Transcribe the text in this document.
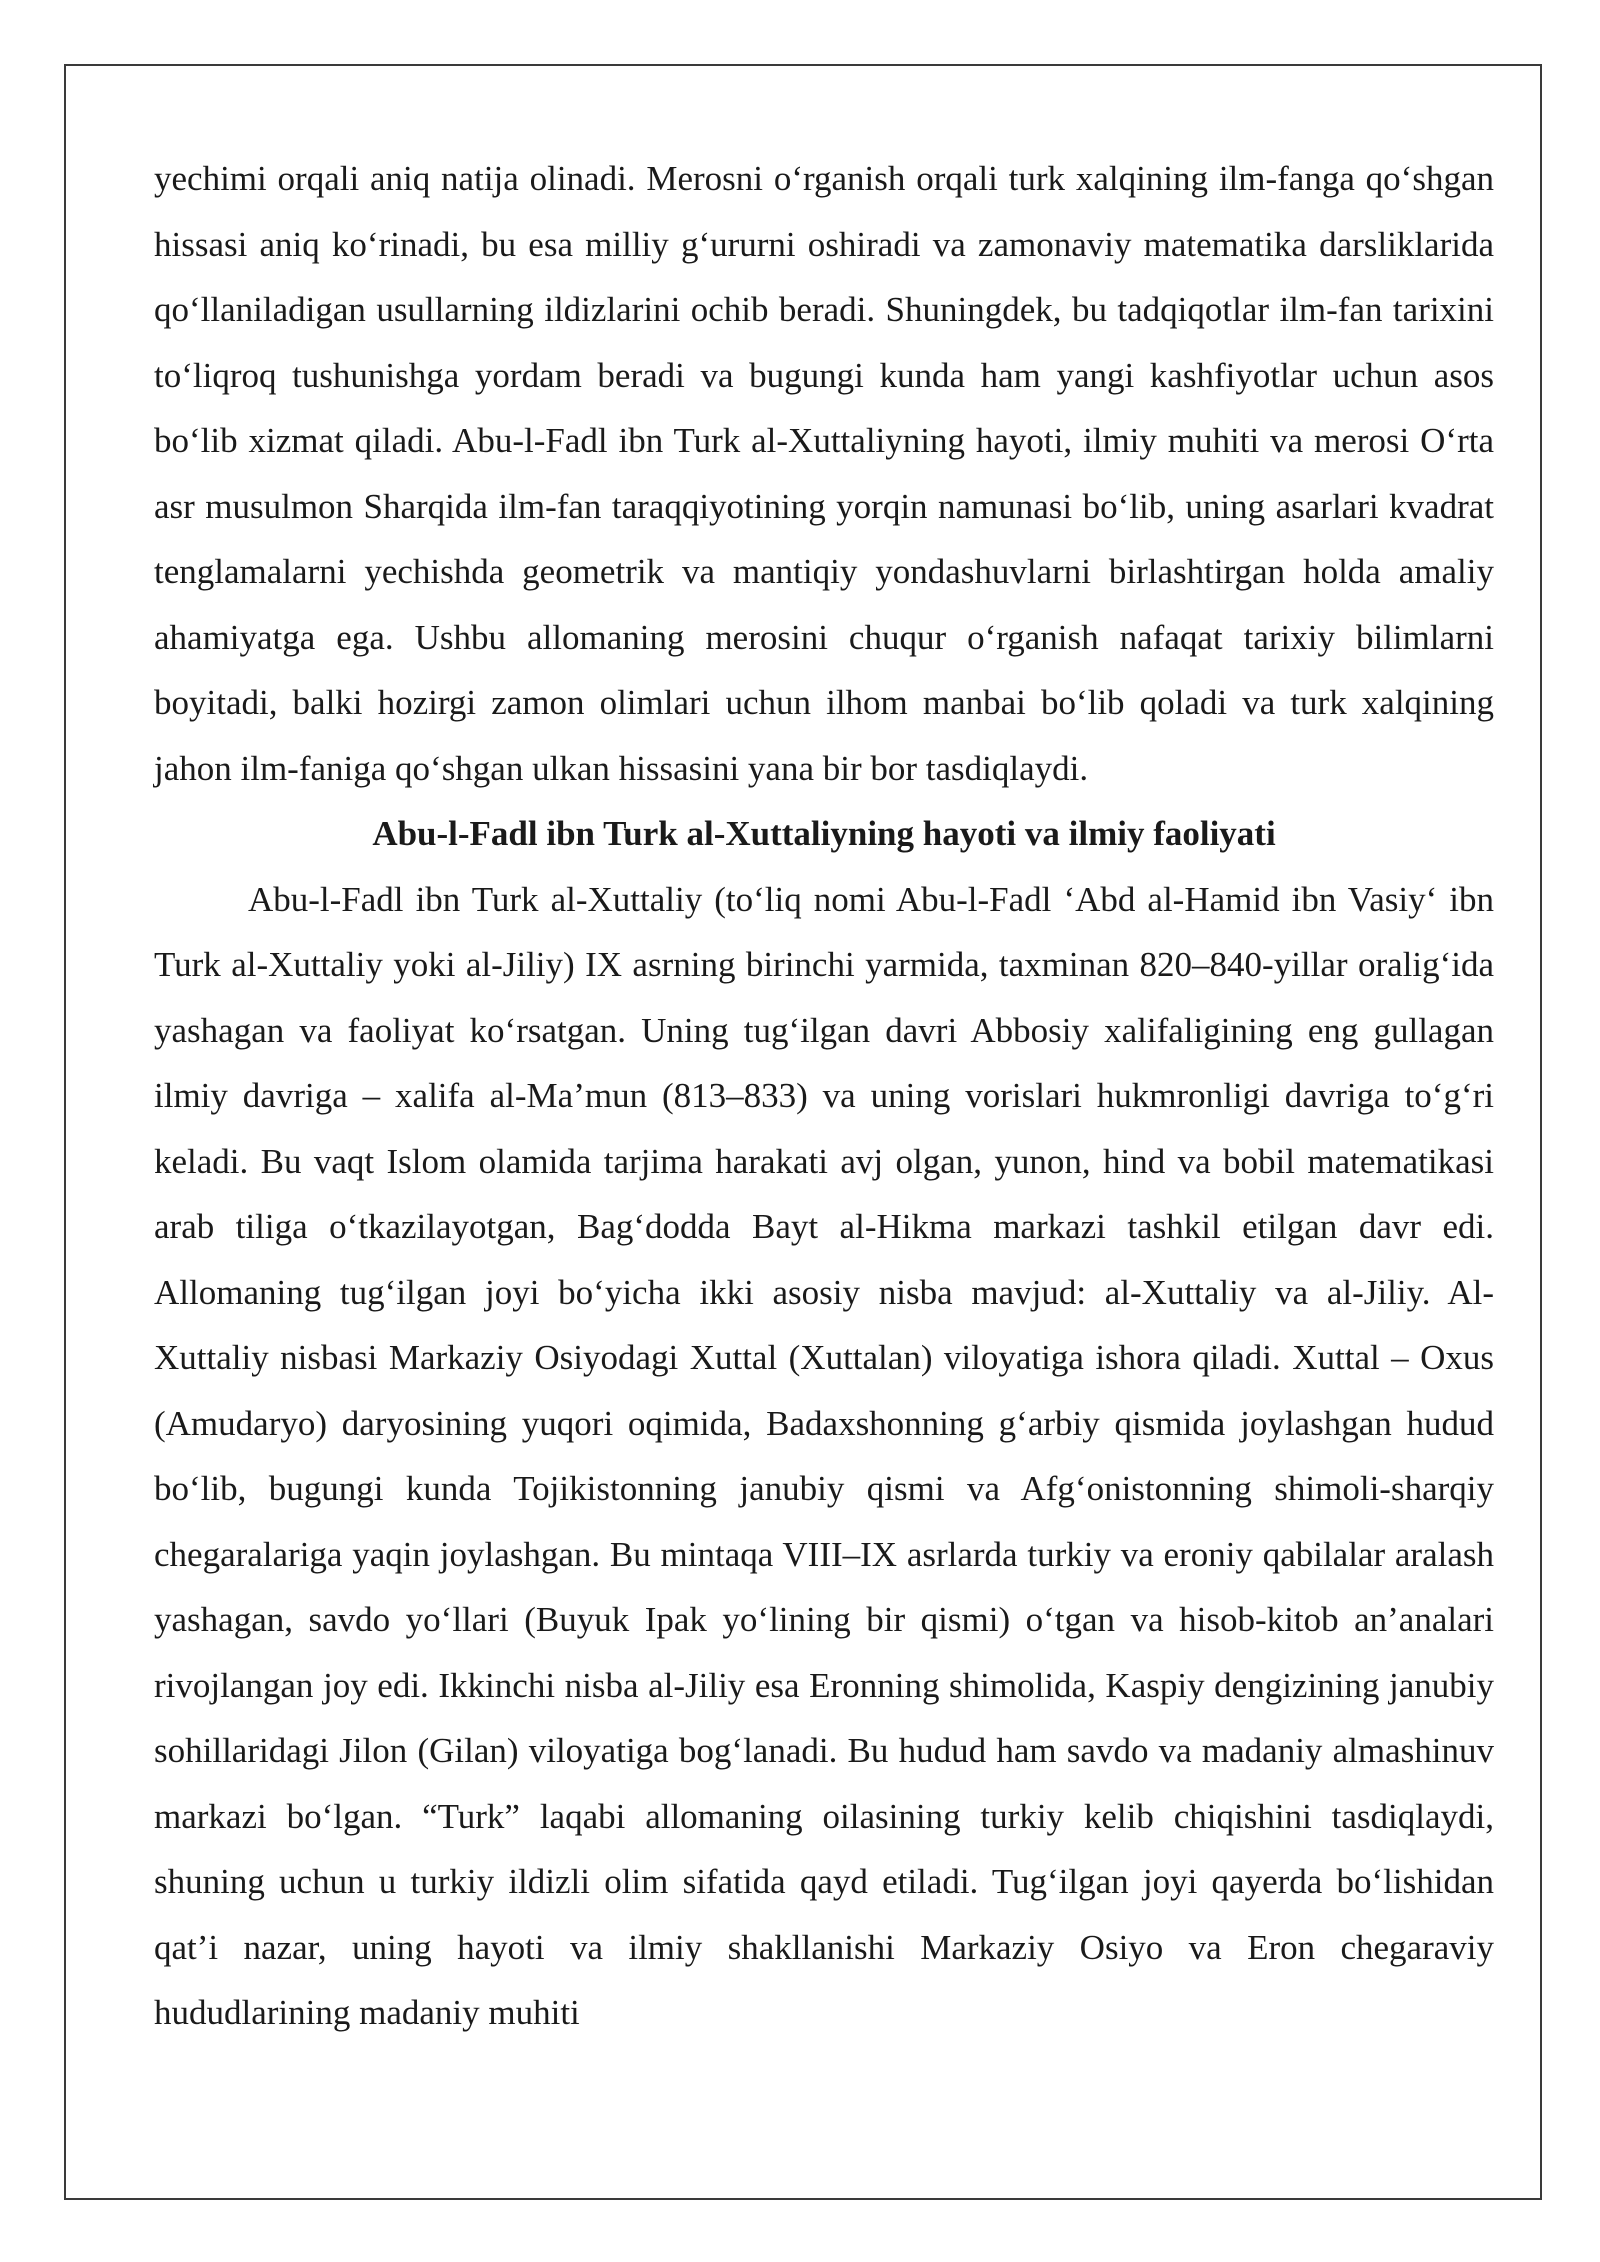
yechimi orqali aniq natija olinadi. Merosni oʻrganish orqali turk xalqining ilm-fanga qoʻshgan hissasi aniq koʻrinadi, bu esa milliy gʻururni oshiradi va zamonaviy matematika darsliklarida qoʻllaniladigan usullarning ildizlarini ochib beradi. Shuningdek, bu tadqiqotlar ilm-fan tarixini toʻliqroq tushunishga yordam beradi va bugungi kunda ham yangi kashfiyotlar uchun asos boʻlib xizmat qiladi. Abu-l-Fadl ibn Turk al-Xuttaliyning hayoti, ilmiy muhiti va merosi Oʻrta asr musulmon Sharqida ilm-fan taraqqiyotining yorqin namunasi boʻlib, uning asarlari kvadrat tenglamalarni yechishda geometrik va mantiqiy yondashuvlarni birlashtirgan holda amaliy ahamiyatga ega. Ushbu allomaning merosini chuqur oʻrganish nafaqat tarixiy bilimlarni boyitadi, balki hozirgi zamon olimlari uchun ilhom manbai boʻlib qoladi va turk xalqining jahon ilm-faniga qoʻshgan ulkan hissasini yana bir bor tasdiqlaydi.

Abu-l-Fadl ibn Turk al-Xuttaliyning hayoti va ilmiy faoliyati

Abu-l-Fadl ibn Turk al-Xuttaliy (toʻliq nomi Abu-l-Fadl ʻAbd al-Hamid ibn Vasiyʻ ibn Turk al-Xuttaliy yoki al-Jiliy) IX asrning birinchi yarmida, taxminan 820–840-yillar oraligʻida yashagan va faoliyat koʻrsatgan. Uning tugʻilgan davri Abbosiy xalifaligining eng gullagan ilmiy davriga – xalifa al-Ma’mun (813–833) va uning vorislari hukmronligi davriga toʻgʻri keladi. Bu vaqt Islom olamida tarjima harakati avj olgan, yunon, hind va bobil matematikasi arab tiliga oʻtkazilayotgan, Bagʻdodda Bayt al-Hikma markazi tashkil etilgan davr edi. Allomaning tugʻilgan joyi boʻyicha ikki asosiy nisba mavjud: al-Xuttaliy va al-Jiliy. Al-Xuttaliy nisbasi Markaziy Osiyodagi Xuttal (Xuttalan) viloyatiga ishora qiladi. Xuttal – Oxus (Amudaryo) daryosining yuqori oqimida, Badaxshonning gʻarbiy qismida joylashgan hudud boʻlib, bugungi kunda Tojikistonning janubiy qismi va Afgʻonistonning shimoli-sharqiy chegaralariga yaqin joylashgan. Bu mintaqa VIII–IX asrlarda turkiy va eroniy qabilalar aralash yashagan, savdo yoʻllari (Buyuk Ipak yoʻlining bir qismi) oʻtgan va hisob-kitob an’analari rivojlangan joy edi. Ikkinchi nisba al-Jiliy esa Eronning shimolida, Kaspiy dengizining janubiy sohillaridagi Jilon (Gilan) viloyatiga bogʻlanadi. Bu hudud ham savdo va madaniy almashinuv markazi boʻlgan. “Turk” laqabi allomaning oilasining turkiy kelib chiqishini tasdiqlaydi, shuning uchun u turkiy ildizli olim sifatida qayd etiladi. Tugʻilgan joyi qayerda boʻlishidan qat’i nazar, uning hayoti va ilmiy shakllanishi Markaziy Osiyo va Eron chegaraviy hududlarining madaniy muhiti
